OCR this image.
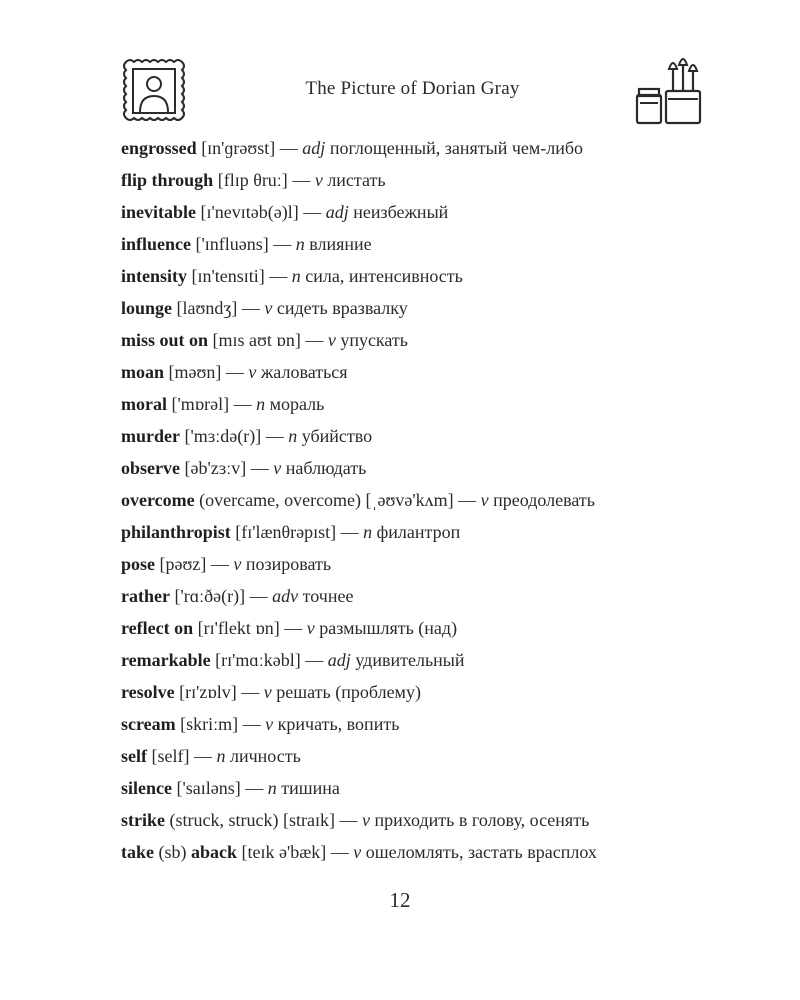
The Picture of Dorian Gray
engrossed [ɪn'ɡrəʊst] — adj поглощенный, занятый чем-либо
flip through [flɪp θruː] — v листать
inevitable [ɪ'nevɪtəb(ə)l] — adj неизбежный
influence ['ɪnfluəns] — n влияние
intensity [ɪn'tensɪti] — n сила, интенсивность
lounge [laʊndʒ] — v сидеть вразвалку
miss out on [mɪs aʊt ɒn] — v упускать
moan [məʊn] — v жаловаться
moral ['mɒrəl] — n мораль
murder ['mɜːdə(r)] — n убийство
observe [əb'zɜːv] — v наблюдать
overcome (overcame, overcome) [ˌəʊvə'kʌm] — v преодолевать
philanthropist [fɪ'lænθrəpɪst] — n филантроп
pose [pəʊz] — v позировать
rather ['rɑːðə(r)] — adv точнее
reflect on [rɪ'flekt ɒn] — v размышлять (над)
remarkable [rɪ'mɑːkəbl] — adj удивительный
resolve [rɪ'zɒlv] — v решать (проблему)
scream [skriːm] — v кричать, вопить
self [self] — n личность
silence ['saɪləns] — n тишина
strike (struck, struck) [straɪk] — v приходить в голову, осенять
take (sb) aback [teɪk ə'bæk] — v ошеломлять, застать врасплох
12
